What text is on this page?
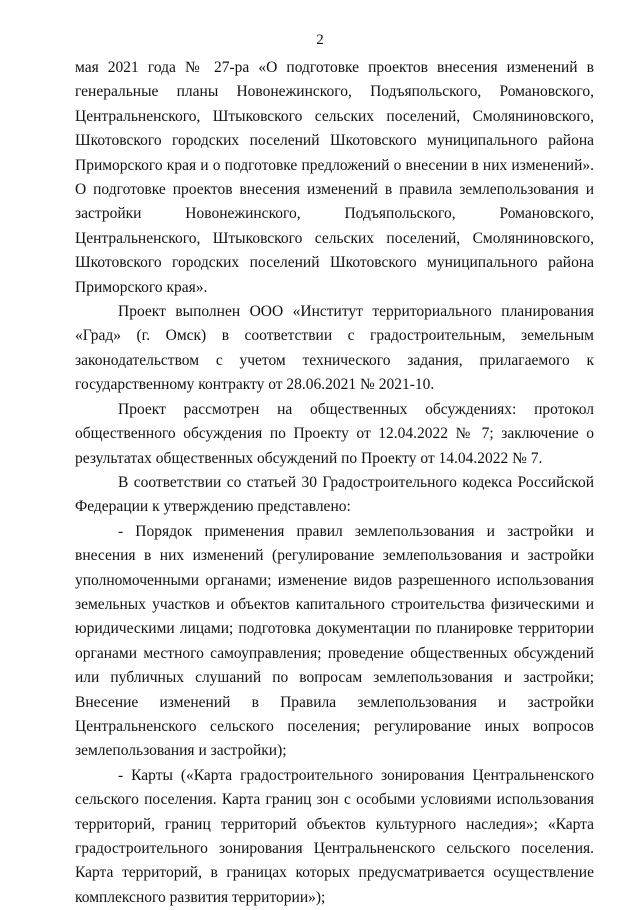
2

мая 2021 года № 27-ра «О подготовке проектов внесения изменений в генеральные планы Новонежинского, Подъяпольского, Романовского, Центральненского, Штыковского сельских поселений, Смоляниновского, Шкотовского городских поселений Шкотовского муниципального района Приморского края и о подготовке предложений о внесении в них изменений». О подготовке проектов внесения изменений в правила землепользования и застройки Новонежинского, Подъяпольского, Романовского, Центральненского, Штыковского сельских поселений, Смоляниновского, Шкотовского городских поселений Шкотовского муниципального района Приморского края».

Проект выполнен ООО «Институт территориального планирования «Град» (г. Омск) в соответствии с градостроительным, земельным законодательством с учетом технического задания, прилагаемого к государственному контракту от 28.06.2021 № 2021-10.

Проект рассмотрен на общественных обсуждениях: протокол общественного обсуждения по Проекту от 12.04.2022 № 7; заключение о результатах общественных обсуждений по Проекту от 14.04.2022 № 7.

В соответствии со статьей 30 Градостроительного кодекса Российской Федерации к утверждению представлено:

- Порядок применения правил землепользования и застройки и внесения в них изменений (регулирование землепользования и застройки уполномоченными органами; изменение видов разрешенного использования земельных участков и объектов капитального строительства физическими и юридическими лицами; подготовка документации по планировке территории органами местного самоуправления; проведение общественных обсуждений или публичных слушаний по вопросам землепользования и застройки; Внесение изменений в Правила землепользования и застройки Центральненского сельского поселения; регулирование иных вопросов землепользования и застройки);

- Карты («Карта градостроительного зонирования Центральненского сельского поселения. Карта границ зон с особыми условиями использования территорий, границ территорий объектов культурного наследия»; «Карта градостроительного зонирования Центральненского сельского поселения. Карта территорий, в границах которых предусматривается осуществление комплексного развития территории»);
